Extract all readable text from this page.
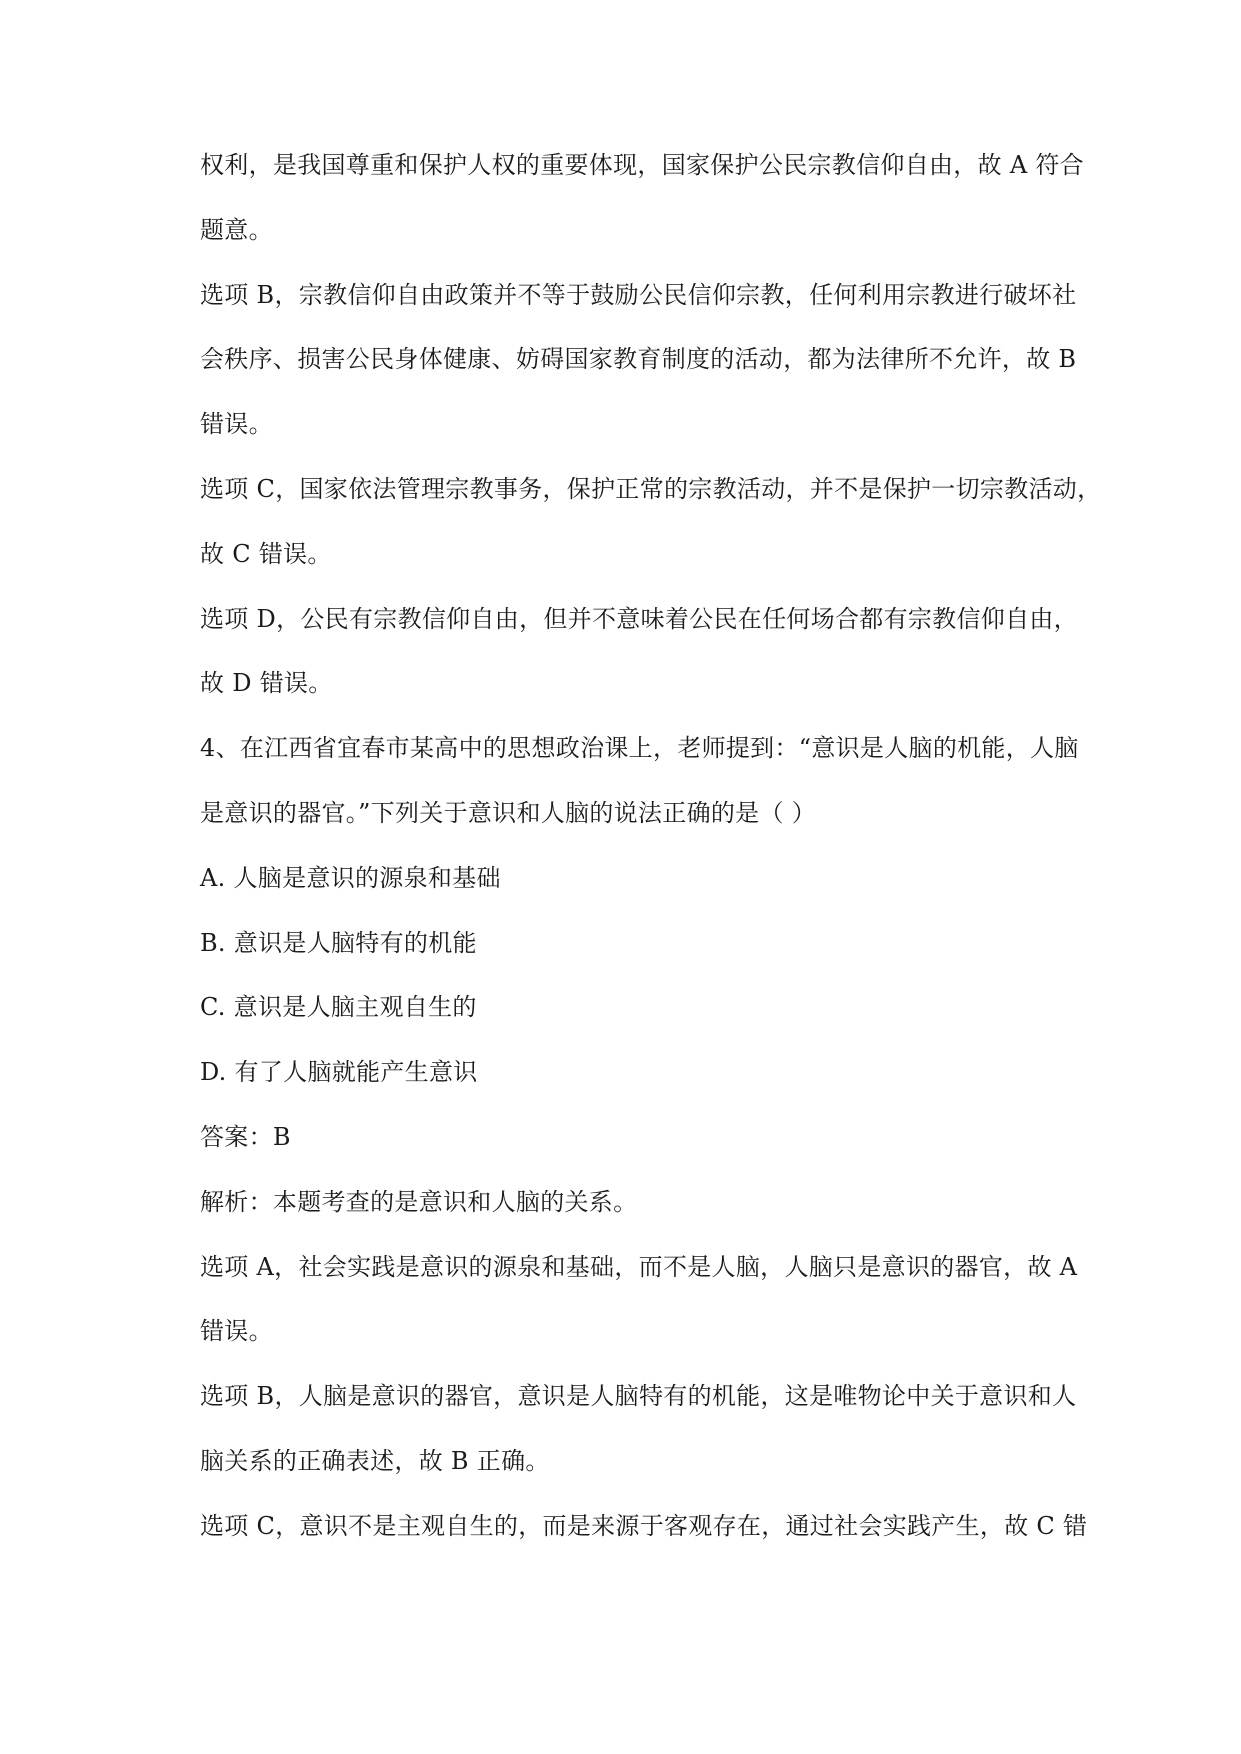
权利，是我国尊重和保护人权的重要体现，国家保护公民宗教信仰自由，故 A 符合
题意。
选项 B，宗教信仰自由政策并不等于鼓励公民信仰宗教，任何利用宗教进行破坏社
会秩序、损害公民身体健康、妨碍国家教育制度的活动，都为法律所不允许，故 B
错误。
选项 C，国家依法管理宗教事务，保护正常的宗教活动，并不是保护一切宗教活动，
故 C 错误。
选项 D，公民有宗教信仰自由，但并不意味着公民在任何场合都有宗教信仰自由，
故 D 错误。
4、在江西省宜春市某高中的思想政治课上，老师提到：“意识是人脑的机能，人脑
是意识的器官。”下列关于意识和人脑的说法正确的是（ ）
A. 人脑是意识的源泉和基础
B. 意识是人脑特有的机能
C. 意识是人脑主观自生的
D. 有了人脑就能产生意识
答案：B
解析：本题考查的是意识和人脑的关系。
选项 A，社会实践是意识的源泉和基础，而不是人脑，人脑只是意识的器官，故 A
错误。
选项 B，人脑是意识的器官，意识是人脑特有的机能，这是唯物论中关于意识和人
脑关系的正确表述，故 B 正确。
选项 C，意识不是主观自生的，而是来源于客观存在，通过社会实践产生，故 C 错
